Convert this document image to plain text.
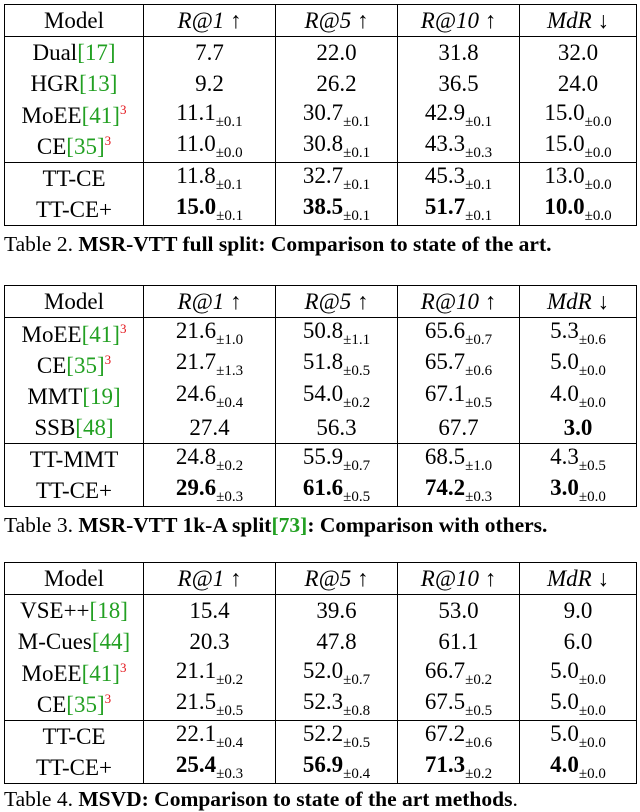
Model	R@1 ↑	R@5 ↑	R@10 ↑	MdR ↓
Dual[17]	7.7	22.0	31.8	32.0
HGR[13]	9.2	26.2	36.5	24.0
$MoEE[41]^3$	$11.1_{\pm 0.1}$	$30.7_{\pm 0.1}$	$42.9_{\pm 0.1}$	$15.0_{\pm 0.0}$
$CE[35]^3$	$11.0_{\pm 0.0}$	$30.8_{\pm 0.1}$	$43.3_{\pm 0.3}$	$15.0_{\pm 0.0}$
TT-CE	$11.8_{\pm 0.1}$	$32.7_{\pm 0.1}$	$45.3_{\pm 0.1}$	$13.0_{\pm 0.0}$
TT-CE+	$15.0_{\pm 0.1}$	$38.5_{\pm 0.1}$	$51.7_{\pm 0.1}$	$10.0_{\pm 0.0}$
Table 2. MSR-VTT full split: Comparison to state of the art.
Model	R@1 ↑	R@5 ↑	R@10 ↑	MdR ↓
$MoEE[41]^3$	$21.6_{\pm 1.0}$	$50.8_{\pm 1.1}$	$65.6_{\pm 0.7}$	$5.3_{\pm 0.6}$
$CE[35]^3$	$21.7_{\pm 1.3}$	$51.8_{\pm 0.5}$	$65.7_{\pm 0.6}$	$5.0_{\pm 0.0}$
MMT[19]	$24.6_{\pm 0.4}$	$54.0_{\pm 0.2}$	$67.1_{\pm 0.5}$	$4.0_{\pm 0.0}$
SSB[48]	27.4	56.3	67.7	3.0
TT-MMT	$24.8_{\pm 0.2}$	$55.9_{\pm 0.7}$	$68.5_{\pm 1.0}$	$4.3_{\pm 0.5}$
TT-CE+	$29.6_{\pm 0.3}$	$61.6_{\pm 0.5}$	$74.2_{\pm 0.3}$	$3.0_{\pm 0.0}$
Table 3. MSR-VTT 1k-A split[73]: Comparison with others.
Model	R@1 ↑	R@5 ↑	R@10 ↑	MdR ↓
VSE++[18]	15.4	39.6	53.0	9.0
M-Cues[44]	20.3	47.8	61.1	6.0
$MoEE[41]^3$	$21.1_{\pm 0.2}$	$52.0_{\pm 0.7}$	$66.7_{\pm 0.2}$	$5.0_{\pm 0.0}$
$CE[35]^3$	$21.5_{\pm 0.5}$	$52.3_{\pm 0.8}$	$67.5_{\pm 0.5}$	$5.0_{\pm 0.0}$
TT-CE	$22.1_{\pm 0.4}$	$52.2_{\pm 0.5}$	$67.2_{\pm 0.6}$	$5.0_{\pm 0.0}$
TT-CE+	$25.4_{\pm 0.3}$	$56.9_{\pm 0.4}$	$71.3_{\pm 0.2}$	$4.0_{\pm 0.0}$
Table 4. MSVD: Comparison to state of the art methods.
